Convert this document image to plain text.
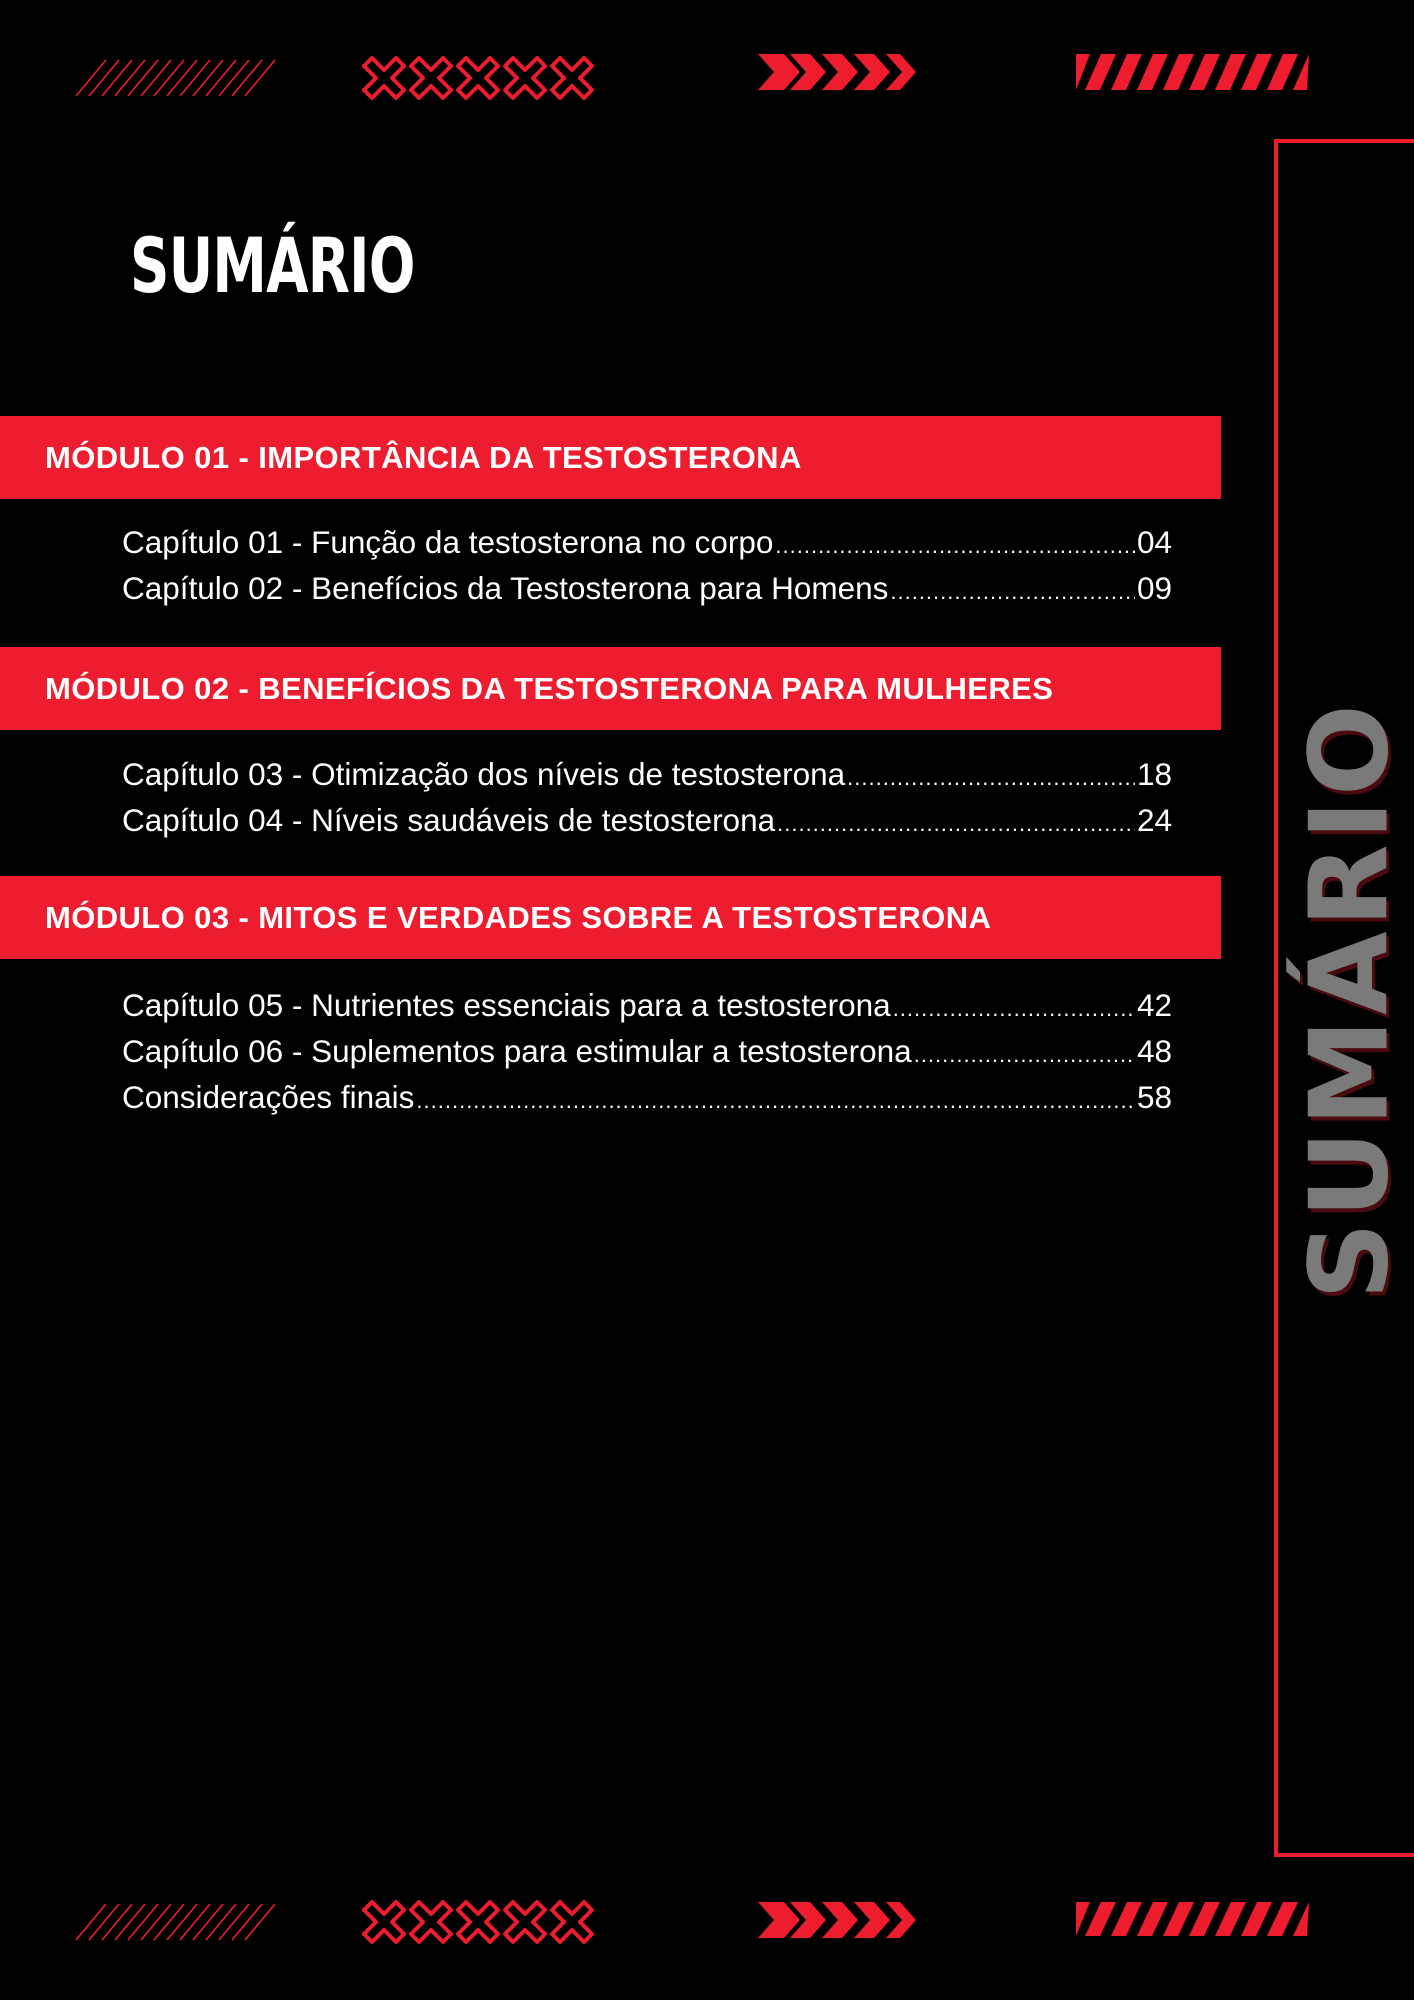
SUMÁRIO
MÓDULO 01 - IMPORTÂNCIA DA TESTOSTERONA
Capítulo 01 - Função da testosterona no corpo .....	04
Capítulo 02 - Benefícios da Testosterona para Homens .....	09
MÓDULO 02 - BENEFÍCIOS DA TESTOSTERONA PARA MULHERES
Capítulo 03 - Otimização dos níveis de testosterona .....	18
Capítulo 04 - Níveis saudáveis de testosterona .....	24
MÓDULO 03 - MITOS E VERDADES SOBRE A TESTOSTERONA
Capítulo 05 - Nutrientes essenciais para a testosterona .....	42
Capítulo 06 - Suplementos para estimular a testosterona .....	48
Considerações finais .....	58 SUMÁRIO
